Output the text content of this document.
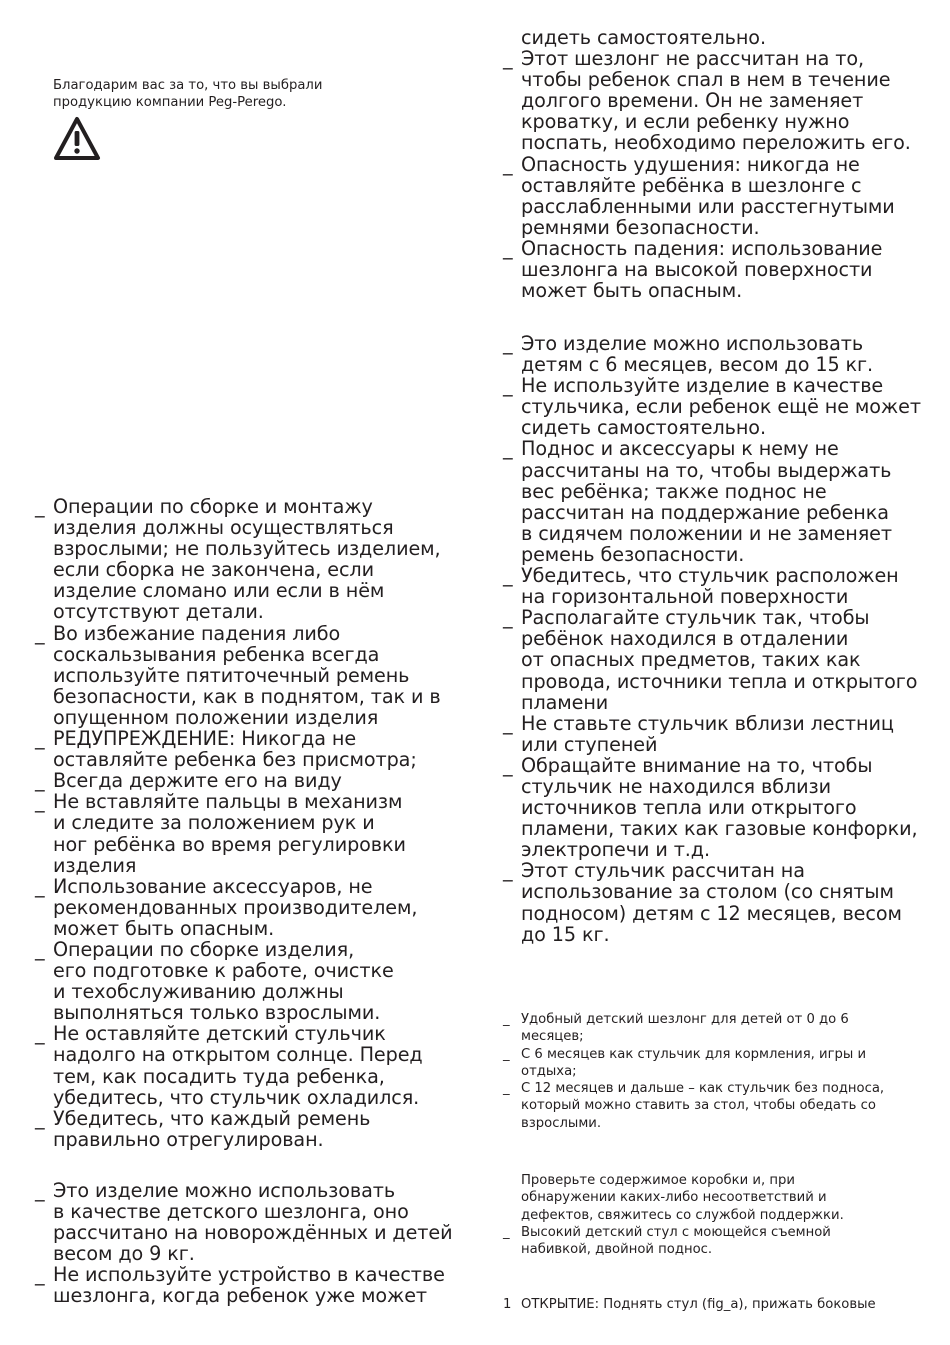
Благодарим вас за то, что вы выбрали
продукцию компании Peg-Perego.
сидеть самостоятельно.
_ Этот шезлонг не рассчитан на то,
чтобы ребенок спал в нем в течение
долгого времени. Он не заменяет
кроватку, и если ребенку нужно
поспать, необходимо переложить его.
_ Опасность удушения: никогда не
оставляйте ребёнка в шезлонге с
расслабленными или расстегнутыми
ремнями безопасности.
_ Опасность падения: использование
шезлонга на высокой поверхности
может быть опасным.
_ Это изделие можно использовать
детям с 6 месяцев, весом до 15 кг.
_ Не используйте изделие в качестве
стульчика, если ребенок ещё не может
сидеть самостоятельно.
_ Поднос и аксессуары к нему не
рассчитаны на то, чтобы выдержать
вес ребёнка; также поднос не
рассчитан на поддержание ребенка
в сидячем положении и не заменяет
ремень безопасности.
_ Убедитесь, что стульчик расположен
на горизонтальной поверхности
_ Располагайте стульчик так, чтобы
ребёнок находился в отдалении
от опасных предметов, таких как
провода, источники тепла и открытого
пламени
_ Не ставьте стульчик вблизи лестниц
или ступеней
_ Обращайте внимание на то, чтобы
стульчик не находился вблизи
источников тепла или открытого
пламени, таких как газовые конфорки,
электропечи и т.д.
_ Этот стульчик рассчитан на
использование за столом (со снятым
подносом) детям с 12 месяцев, весом
до 15 кг.
_ Операции по сборке и монтажу
изделия должны осуществляться
взрослыми; не пользуйтесь изделием,
если сборка не закончена, если
изделие сломано или если в нём
отсутствуют детали.
_ Во избежание падения либо
соскальзывания ребенка всегда
используйте пятиточечный ремень
безопасности, как в поднятом, так и в
опущенном положении изделия
_ РЕДУПРЕЖДЕНИЕ: Никогда не
оставляйте ребенка без присмотра;
_ Всегда держите его на виду
_ Не вставляйте пальцы в механизм
и следите за положением рук и
ног ребёнка во время регулировки
изделия
_ Использование аксессуаров, не
рекомендованных производителем,
может быть опасным.
_ Операции по сборке изделия,
его подготовке к работе, очистке
и техобслуживанию должны
выполняться только взрослыми.
_ Не оставляйте детский стульчик
надолго на открытом солнце. Перед
тем, как посадить туда ребенка,
убедитесь, что стульчик охладился.
_ Убедитесь, что каждый ремень
правильно отрегулирован.
_ Это изделие можно использовать
в качестве детского шезлонга, оно
рассчитано на новорождённых и детей
весом до 9 кг.
_ Не используйте устройство в качестве
шезлонга, когда ребенок уже может
_ Удобный детский шезлонг для детей от 0 до 6
месяцев;
_ С 6 месяцев как стульчик для кормления, игры и
отдыха;
_ С 12 месяцев и дальше – как стульчик без подноса,
который можно ставить за стол, чтобы обедать со
взрослыми.
Проверьте содержимое коробки и, при
обнаружении каких-либо несоответствий и
дефектов, свяжитесь со службой поддержки.
_ Высокий детский стул с моющейся съемной
набивкой, двойной поднос.
1 ОТКРЫТИЕ: Поднять стул (fig_a), прижать боковые
